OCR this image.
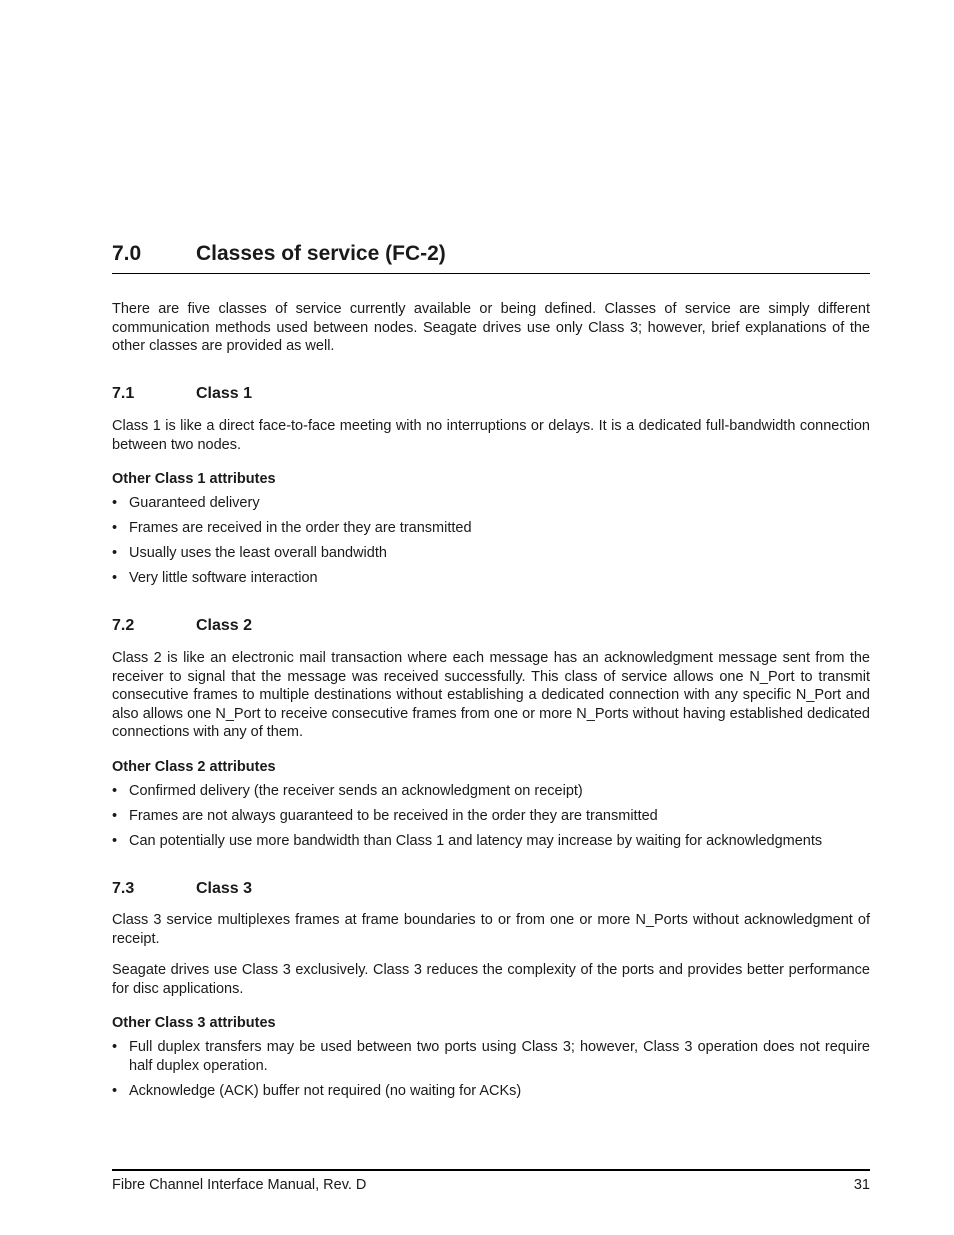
7.0	Classes of service (FC-2)

There are five classes of service currently available or being defined. Classes of service are simply different communication methods used between nodes. Seagate drives use only Class 3; however, brief explanations of the other classes are provided as well.

7.1	Class 1

Class 1 is like a direct face-to-face meeting with no interruptions or delays. It is a dedicated full-bandwidth connection between two nodes.

Other Class 1 attributes
• Guaranteed delivery
• Frames are received in the order they are transmitted
• Usually uses the least overall bandwidth
• Very little software interaction
7.2	Class 2

Class 2 is like an electronic mail transaction where each message has an acknowledgment message sent from the receiver to signal that the message was received successfully. This class of service allows one N_Port to transmit consecutive frames to multiple destinations without establishing a dedicated connection with any specific N_Port and also allows one N_Port to receive consecutive frames from one or more N_Ports without having established dedicated connections with any of them.

Other Class 2 attributes
• Confirmed delivery (the receiver sends an acknowledgment on receipt)
• Frames are not always guaranteed to be received in the order they are transmitted
• Can potentially use more bandwidth than Class 1 and latency may increase by waiting for acknowledgments
7.3	Class 3

Class 3 service multiplexes frames at frame boundaries to or from one or more N_Ports without acknowledgment of receipt.

Seagate drives use Class 3 exclusively. Class 3 reduces the complexity of the ports and provides better performance for disc applications.

Other Class 3 attributes
• Full duplex transfers may be used between two ports using Class 3; however, Class 3 operation does not require half duplex operation.
• Acknowledge (ACK) buffer not required (no waiting for ACKs)
Fibre Channel Interface Manual, Rev. D	31
